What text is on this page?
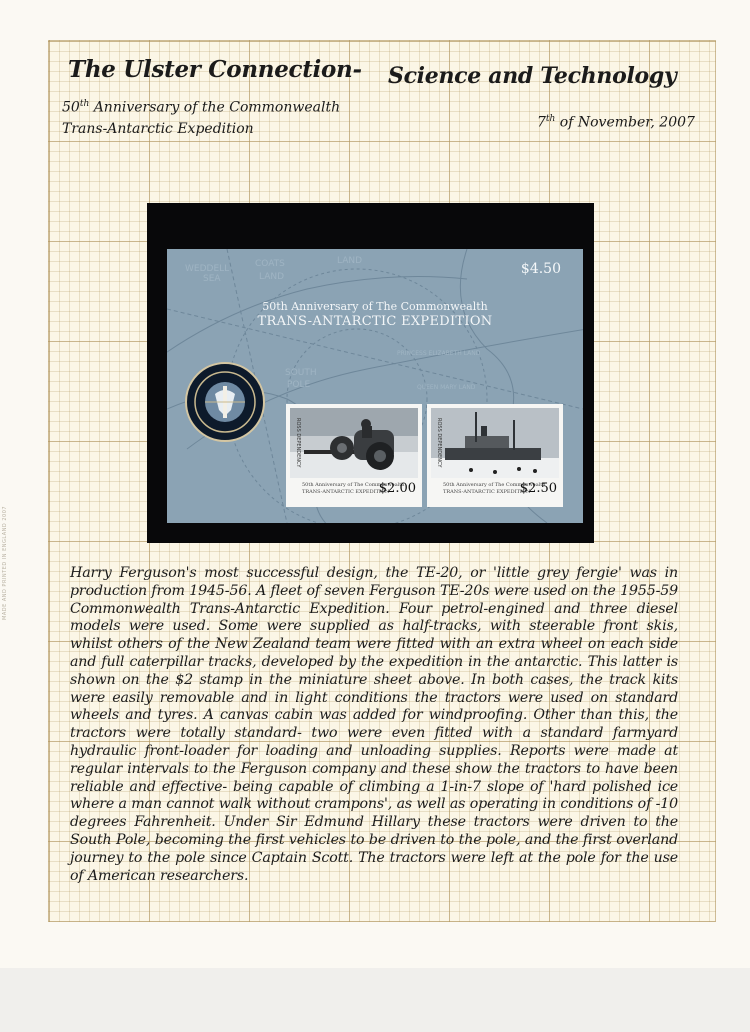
MADE AND PRINTED IN ENGLAND 2007
The Ulster Connection- Science and Technology
50th Anniversary of the Commonwealth
Trans-Antarctic Expedition	7th of November, 2007
WEDDELL	COATS	LAND
SEA	LAND
SOUTH
POLE
PRINCESS ELIZABETH LAND
QUEEN MARY LAND
$4.50
50th Anniversary of The Commonwealth
TRANS-ANTARCTIC EXPEDITION
ROSS DEPENDENCY
50th Anniversary of The Commonwealth
TRANS-ANTARCTIC EXPEDITION
$2.00
ROSS DEPENDENCY
50th Anniversary of The Commonwealth
TRANS-ANTARCTIC EXPEDITION
$2.50
Harry Ferguson's most successful design, the TE-20, or 'little grey fergie' was in production from 1945-56. A fleet of seven Ferguson TE-20s were used on the 1955-59 Commonwealth Trans-Antarctic Expedition. Four petrol-engined and three diesel models were used. Some were supplied as half-tracks, with steerable front skis, whilst others of the New Zealand team were fitted with an extra wheel on each side and full caterpillar tracks, developed by the expedition in the antarctic. This latter is shown on the $2 stamp in the miniature sheet above. In both cases, the track kits were easily removable and in light conditions the tractors were used on standard wheels and tyres. A canvas cabin was added for windproofing. Other than this, the tractors were totally standard- two were even fitted with a standard farmyard hydraulic front-loader for loading and unloading supplies. Reports were made at regular intervals to the Ferguson company and these show the tractors to have been reliable and effective- being capable of climbing a 1-in-7 slope of 'hard polished ice where a man cannot walk without crampons', as well as operating in conditions of -10 degrees Fahrenheit. Under Sir Edmund Hillary these tractors were driven to the South Pole, becoming the first vehicles to be driven to the pole, and the first overland journey to the pole since Captain Scott. The tractors were left at the pole for the use of American researchers.
